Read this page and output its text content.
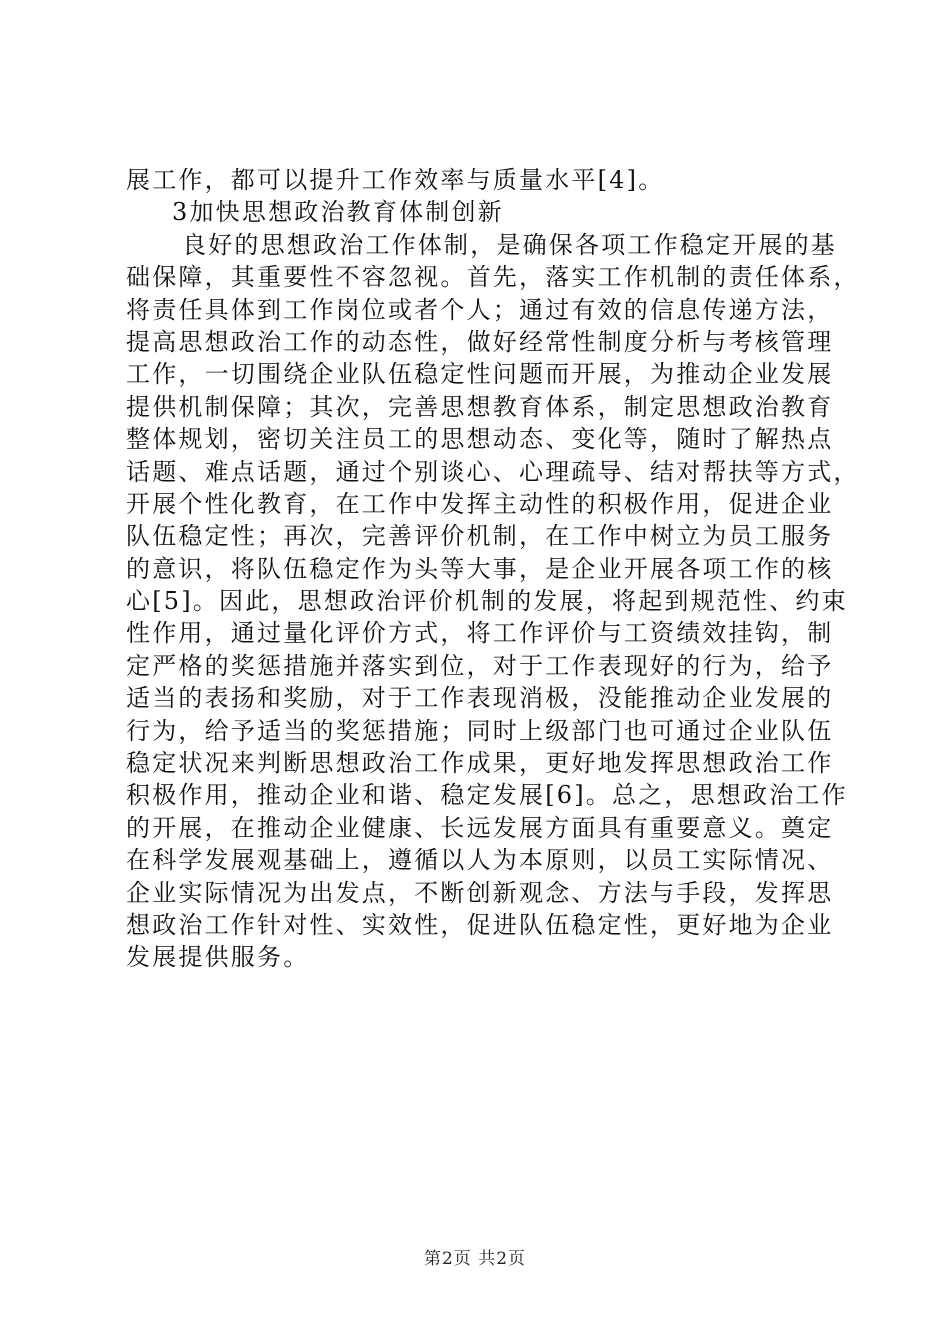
展工作，都可以提升工作效率与质量水平[4]。
3加快思想政治教育体制创新
良好的思想政治工作体制，是确保各项工作稳定开展的基
础保障，其重要性不容忽视。首先，落实工作机制的责任体系，
将责任具体到工作岗位或者个人；通过有效的信息传递方法，
提高思想政治工作的动态性，做好经常性制度分析与考核管理
工作，一切围绕企业队伍稳定性问题而开展，为推动企业发展
提供机制保障；其次，完善思想教育体系，制定思想政治教育
整体规划，密切关注员工的思想动态、变化等，随时了解热点
话题、难点话题，通过个别谈心、心理疏导、结对帮扶等方式，
开展个性化教育，在工作中发挥主动性的积极作用，促进企业
队伍稳定性；再次，完善评价机制，在工作中树立为员工服务
的意识，将队伍稳定作为头等大事，是企业开展各项工作的核
心[5]。因此，思想政治评价机制的发展，将起到规范性、约束
性作用，通过量化评价方式，将工作评价与工资绩效挂钩，制
定严格的奖惩措施并落实到位，对于工作表现好的行为，给予
适当的表扬和奖励，对于工作表现消极，没能推动企业发展的
行为，给予适当的奖惩措施；同时上级部门也可通过企业队伍
稳定状况来判断思想政治工作成果，更好地发挥思想政治工作
积极作用，推动企业和谐、稳定发展[6]。总之，思想政治工作
的开展，在推动企业健康、长远发展方面具有重要意义。奠定
在科学发展观基础上，遵循以人为本原则，以员工实际情况、
企业实际情况为出发点，不断创新观念、方法与手段，发挥思
想政治工作针对性、实效性，促进队伍稳定性，更好地为企业
发展提供服务。
第2页 共2页
